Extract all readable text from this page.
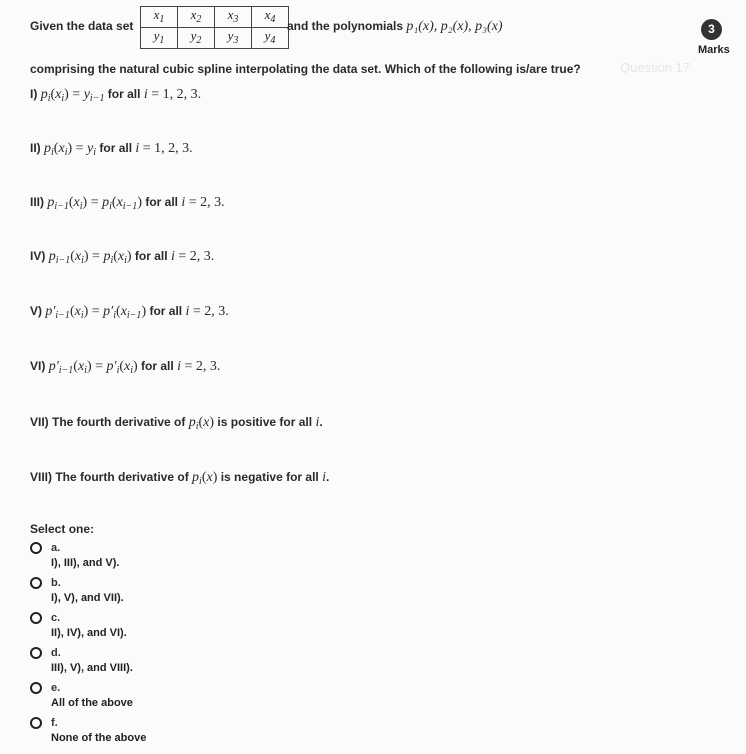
Question 17
Given the data set
$x_1$	$x_2$	$x_3$	$x_4$
$y_1$	$y_2$	$y_3$	$y_4$
and the polynomials p₁(x), p₂(x), p₃(x)	3
Marks
comprising the natural cubic spline interpolating the data set. Which of the following is/are true?
I) $p_i(x_i) = y_{i-1}$ for all i = 1, 2, 3.
II) $p_i(x_i) = y_i$ for all i = 1, 2, 3.
III) $p_{i-1}(x_i) = p_i(x_{i-1})$ for all i = 2, 3.
IV) $p_{i-1}(x_i) = p_i(x_i)$ for all i = 2, 3.
V) $p'_{i-1}(x_i) = p'_i(x_{i-1})$ for all i = 2, 3.
VI) $p'_{i-1}(x_i) = p'_i(x_i)$ for all i = 2, 3.
VII) The fourth derivative of $p_i(x)$ is positive for all i.
VIII) The fourth derivative of $p_i(x)$ is negative for all i.
Select one:
a.
I), III), and V).
b.
I), V), and VII).
c.
II), IV), and VI).
d.
III), V), and VIII).
e.
All of the above
f.
None of the above
